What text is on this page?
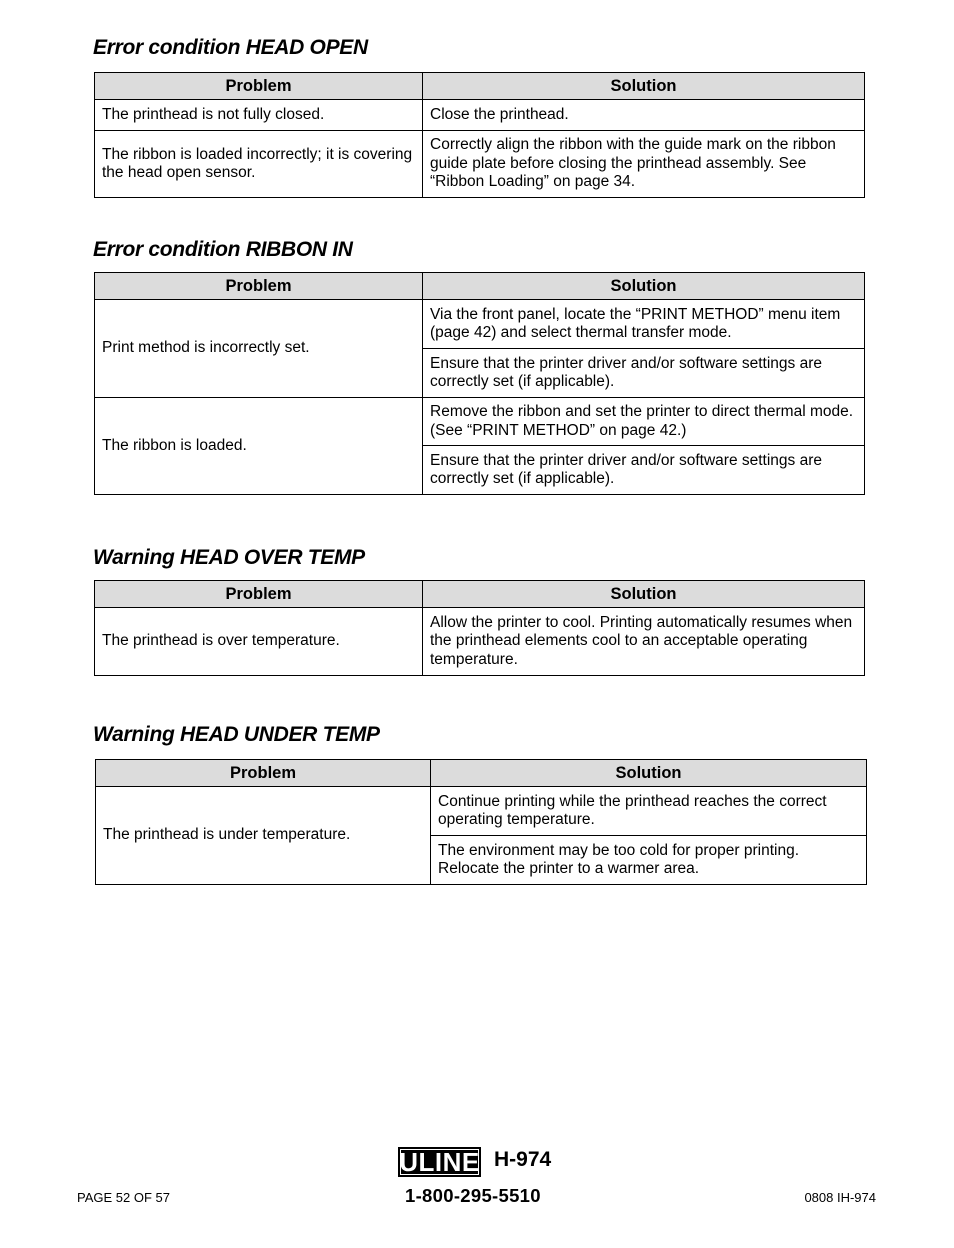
Error condition HEAD OPEN
Problem	Solution
The printhead is not fully closed.	Close the printhead.
The ribbon is loaded incorrectly; it is covering the head open sensor.	Correctly align the ribbon with the guide mark on the ribbon guide plate before closing the printhead assembly. See “Ribbon Loading” on page 34.
Error condition RIBBON IN
Problem	Solution
Print method is incorrectly set.	Via the front panel, locate the “PRINT METHOD” menu item (page 42) and select thermal transfer mode.
	Ensure that the printer driver and/or software settings are correctly set (if applicable).
The ribbon is loaded.	Remove the ribbon and set the printer to direct thermal mode. (See “PRINT METHOD” on page 42.)
	Ensure that the printer driver and/or software settings are correctly set (if applicable).
Warning HEAD OVER TEMP
Problem	Solution
The printhead is over temperature.	Allow the printer to cool. Printing automatically resumes when the printhead elements cool to an acceptable operating temperature.
Warning HEAD UNDER TEMP
Problem	Solution
The printhead is under temperature.	Continue printing while the printhead reaches the correct operating temperature.
	The environment may be too cold for proper printing. Relocate the printer to a warmer area.
ULINE H-974
1-800-295-5510
PAGE 52 OF 57	0808 IH-974
